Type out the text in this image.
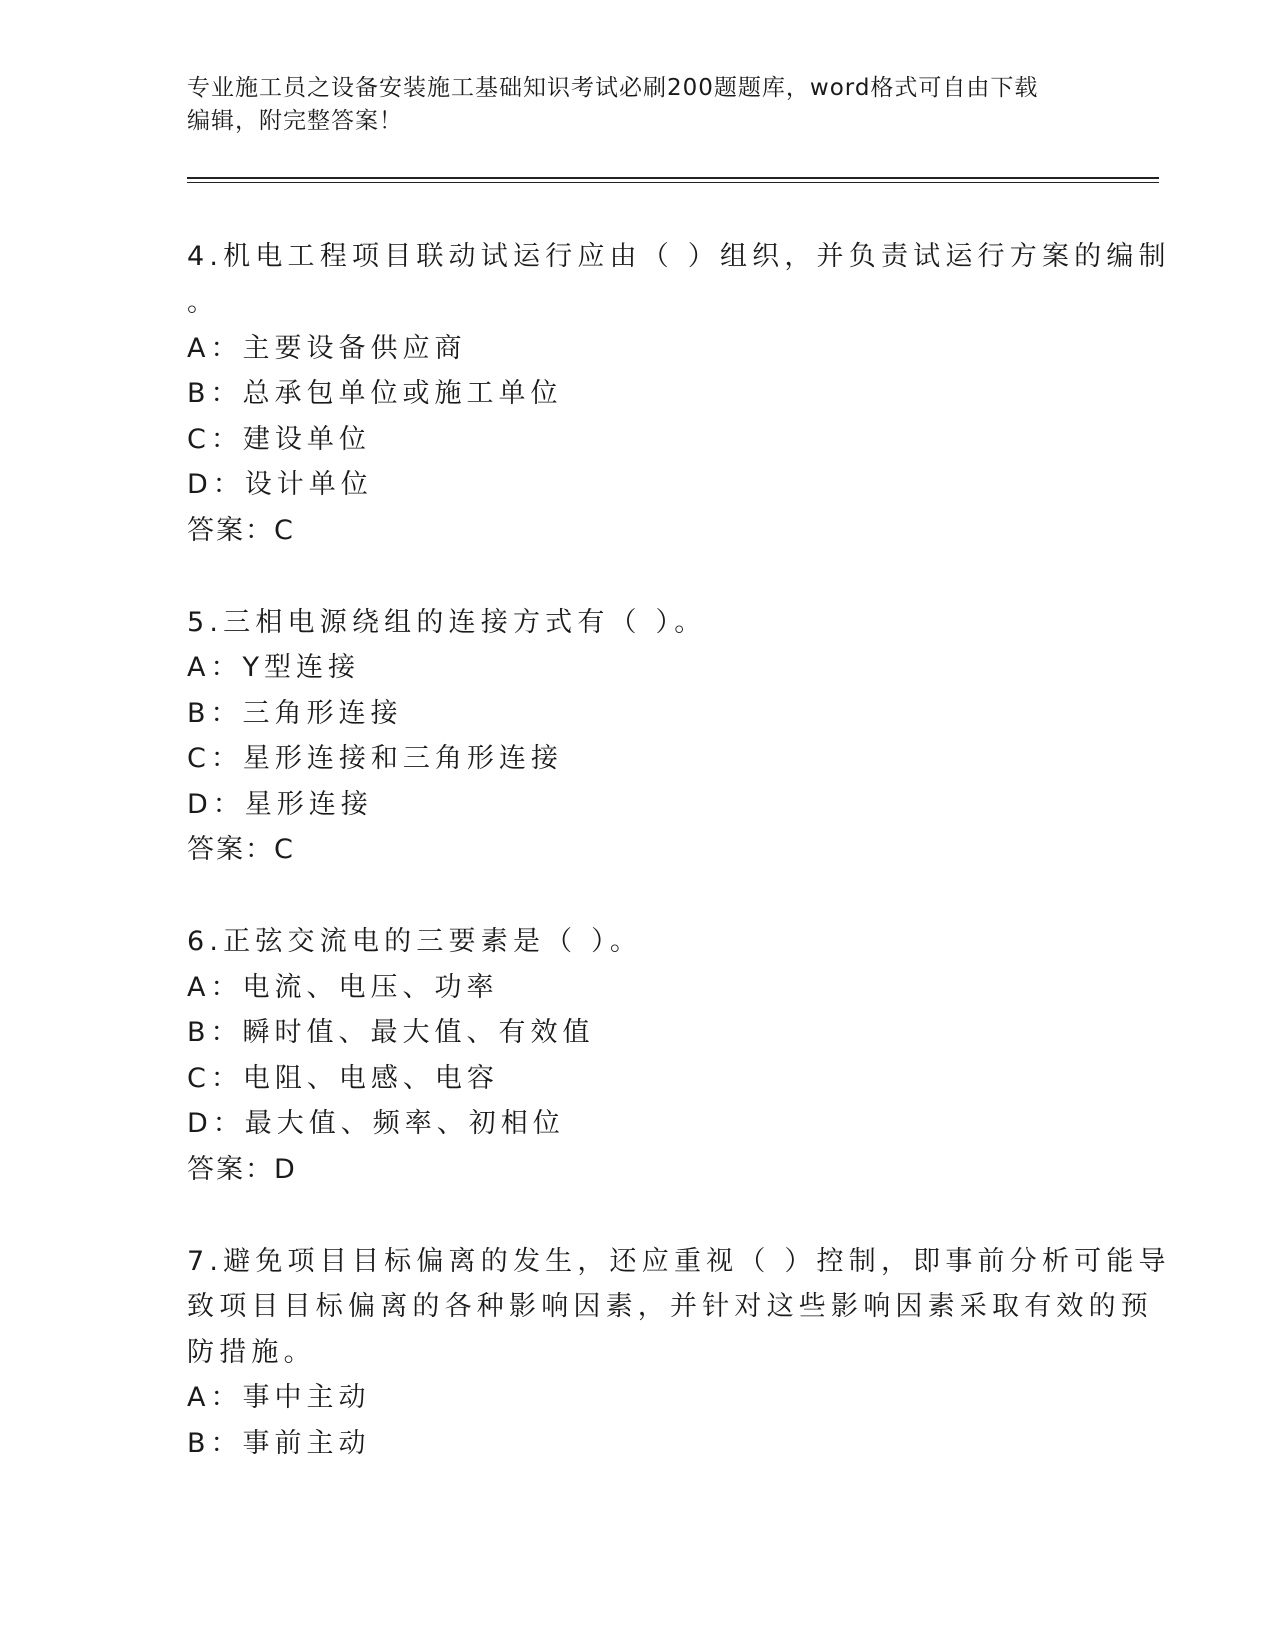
专业施工员之设备安装施工基础知识考试必刷200题题库，word格式可自由下载
编辑，附完整答案！
4.机电工程项目联动试运行应由（ ）组织，并负责试运行方案的编制
。
A：主要设备供应商
B：总承包单位或施工单位
C：建设单位
D：设计单位
答案：C
5.三相电源绕组的连接方式有（ ）。
A：Y型连接
B：三角形连接
C：星形连接和三角形连接
D：星形连接
答案：C
6.正弦交流电的三要素是（ ）。
A：电流、电压、功率
B：瞬时值、最大值、有效值
C：电阻、电感、电容
D：最大值、频率、初相位
答案：D
7.避免项目目标偏离的发生，还应重视（ ）控制，即事前分析可能导
致项目目标偏离的各种影响因素，并针对这些影响因素采取有效的预
防措施。
A：事中主动
B：事前主动
